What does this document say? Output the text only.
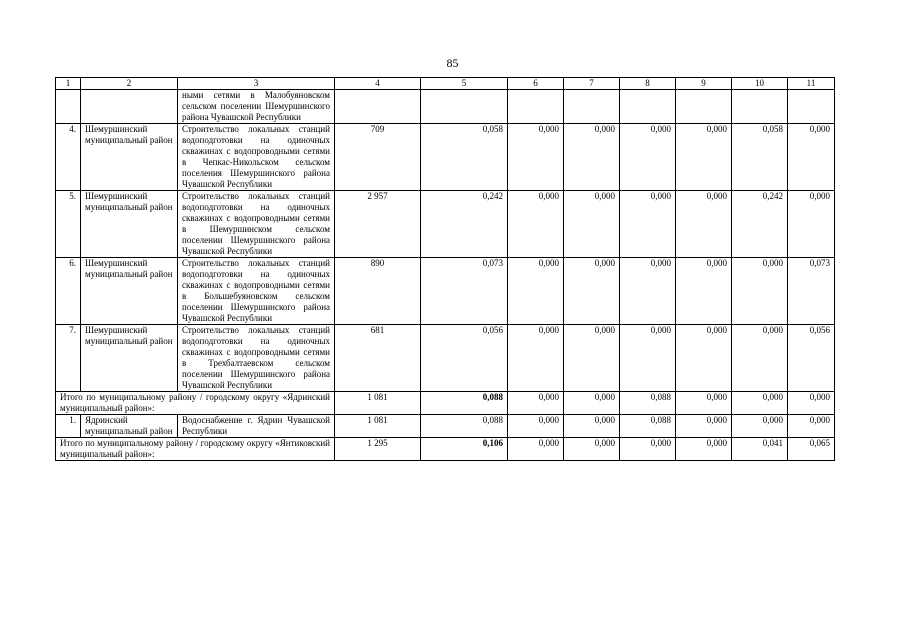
85
1	2	3	4	5	6	7	8	9	10	11
		ными сетями в Малобуяновском сельском поселении Шемуршинского района Чувашской Республики								
4.	Шемуршинский муниципальный район	Строительство локальных станций водоподготовки на одиночных скважинах с водопроводными сетями в Чепкас-Никольском сельском поселения Шемуршинского района Чувашской Республики	709	0,058	0,000	0,000	0,000	0,000	0,058	0,000
5.	Шемуршинский муниципальный район	Строительство локальных станций водоподготовки на одиночных скважинах с водопроводными сетями в Шемуршинском сельском поселении Шемуршинского района Чувашской Республики	2 957	0,242	0,000	0,000	0,000	0,000	0,242	0,000
6.	Шемуршинский муниципальный район	Строительство локальных станций водоподготовки на одиночных скважинах с водопроводными сетями в Большебуяновском сельском поселении Шемуршинского района Чувашской Республики	890	0,073	0,000	0,000	0,000	0,000	0,000	0,073
7.	Шемуршинский муниципальный район	Строительство локальных станций водоподготовки на одиночных скважинах с водопроводными сетями в Трехбалтаевском сельском поселении Шемуршинского района Чувашской Республики	681	0,056	0,000	0,000	0,000	0,000	0,000	0,056
Итого по муниципальному району / городскому округу «Ядринский муниципальный район»:			1 081	0,088	0,000	0,000	0,088	0,000	0,000	0,000
1.	Ядринский муниципальный район	Водоснабжение г. Ядрин Чувашской Республики	1 081	0,088	0,000	0,000	0,088	0,000	0,000	0,000
Итого по муниципальному району / городскому округу «Янтиковский муниципальный район»:			1 295	0,106	0,000	0,000	0,000	0,000	0,041	0,065
